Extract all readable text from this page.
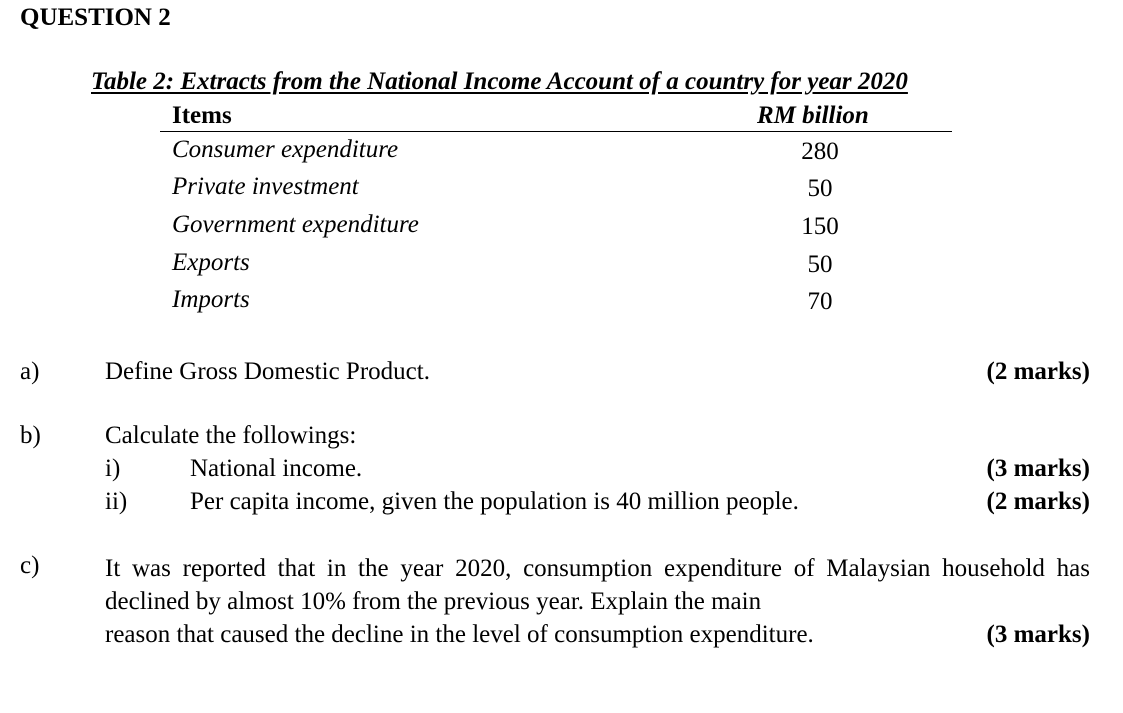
QUESTION 2
Table 2: Extracts from the National Income Account of a country for year 2020
Items	RM billion
Consumer expenditure	280
Private investment	50
Government expenditure	150
Exports	50
Imports	70
a)	Define Gross Domestic Product.	(2 marks)
b)	Calculate the followings:
i)	National income.	(3 marks)
ii)	Per capita income, given the population is 40 million people.	(2 marks)
c)	It was reported that in the year 2020, consumption expenditure of Malaysian household has declined by almost 10% from the previous year. Explain the main
reason that caused the decline in the level of consumption expenditure.	(3 marks)
